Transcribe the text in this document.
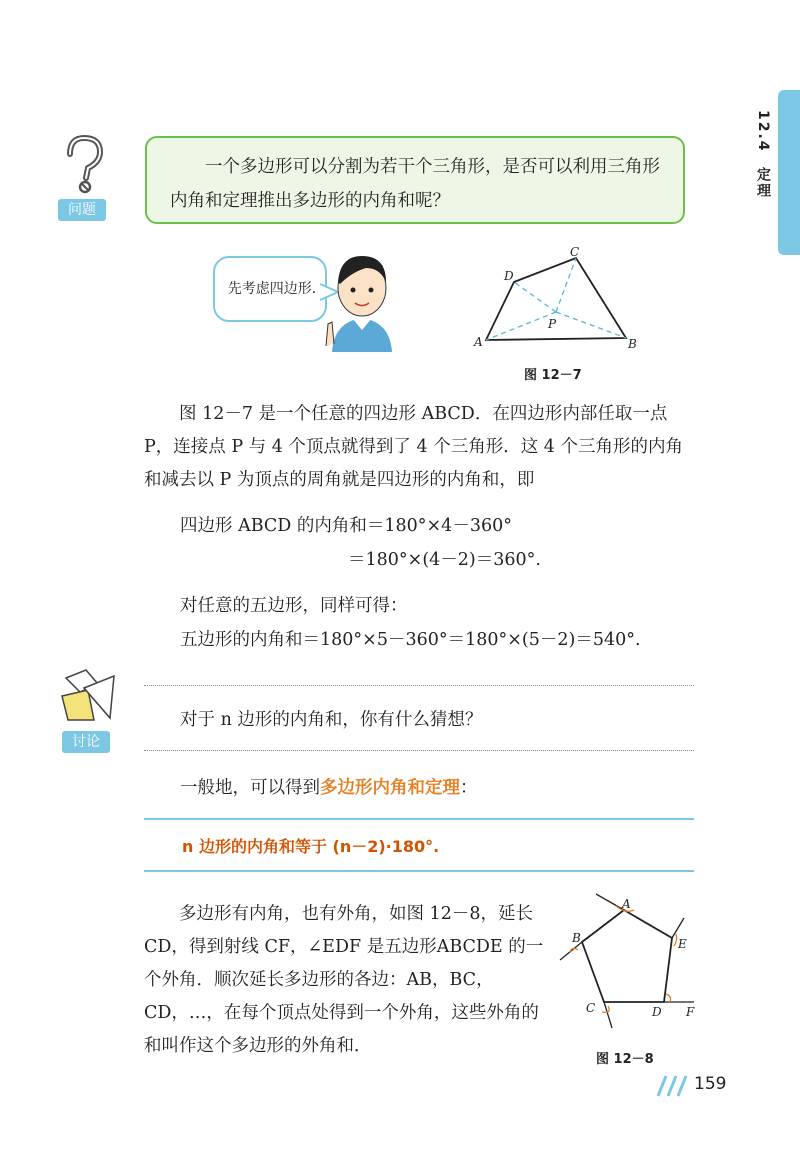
12.4 定理
问题
一个多边形可以分割为若干个三角形，是否可以利用三角形内角和定理推出多边形的内角和呢？
先考虑四边形.
A	B
C
D
P
图 12－7
图 12－7 是一个任意的四边形 ABCD．在四边形内部任取一点 P，连接点 P 与 4 个顶点就得到了 4 个三角形．这 4 个三角形的内角和减去以 P 为顶点的周角就是四边形的内角和，即
四边形 ABCD 的内角和＝180°×4－360°
＝180°×(4－2)＝360°.
对任意的五边形，同样可得：
五边形的内角和＝180°×5－360°＝180°×(5－2)＝540°.
讨论
对于 n 边形的内角和，你有什么猜想？
一般地，可以得到多边形内角和定理：
n 边形的内角和等于 (n－2)·180°.
多边形有内角，也有外角，如图 12－8，延长 CD，得到射线 CF，∠EDF 是五边形ABCDE 的一个外角．顺次延长多边形的各边：AB，BC，CD，…，在每个顶点处得到一个外角，这些外角的和叫作这个多边形的外角和．
A
B
C	D
E
F
图 12－8
159
